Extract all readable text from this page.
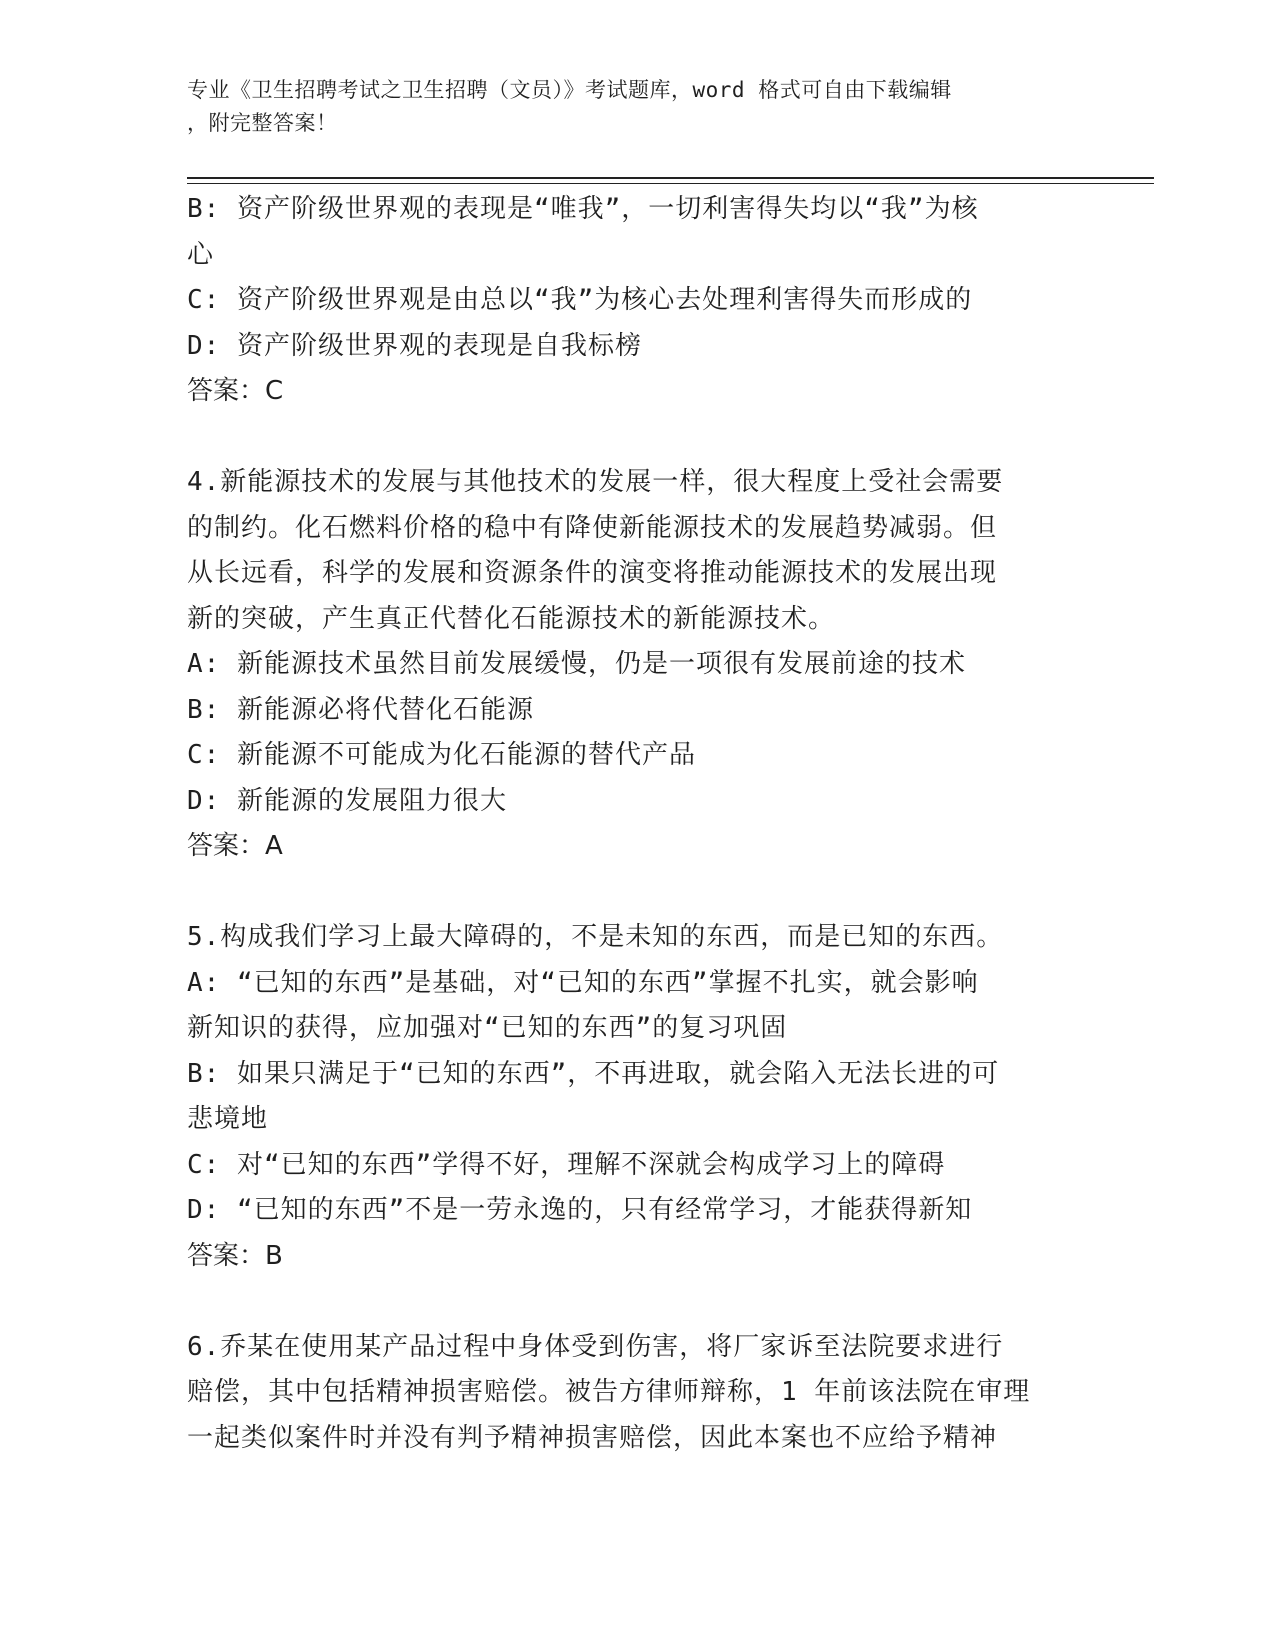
专业《卫生招聘考试之卫生招聘（文员）》考试题库，word 格式可自由下载编辑
，附完整答案！
B: 资产阶级世界观的表现是“唯我”，一切利害得失均以“我”为核
心
C: 资产阶级世界观是由总以“我”为核心去处理利害得失而形成的
D: 资产阶级世界观的表现是自我标榜
答案：C
4.新能源技术的发展与其他技术的发展一样，很大程度上受社会需要
的制约。化石燃料价格的稳中有降使新能源技术的发展趋势减弱。但
从长远看，科学的发展和资源条件的演变将推动能源技术的发展出现
新的突破，产生真正代替化石能源技术的新能源技术。
A: 新能源技术虽然目前发展缓慢，仍是一项很有发展前途的技术
B: 新能源必将代替化石能源
C: 新能源不可能成为化石能源的替代产品
D: 新能源的发展阻力很大
答案：A
5.构成我们学习上最大障碍的，不是未知的东西，而是已知的东西。
A: “已知的东西”是基础，对“已知的东西”掌握不扎实，就会影响
新知识的获得，应加强对“已知的东西”的复习巩固
B: 如果只满足于“已知的东西”，不再进取，就会陷入无法长进的可
悲境地
C: 对“已知的东西”学得不好，理解不深就会构成学习上的障碍
D: “已知的东西”不是一劳永逸的，只有经常学习，才能获得新知
答案：B
6.乔某在使用某产品过程中身体受到伤害，将厂家诉至法院要求进行
赔偿，其中包括精神损害赔偿。被告方律师辩称，1 年前该法院在审理
一起类似案件时并没有判予精神损害赔偿，因此本案也不应给予精神
